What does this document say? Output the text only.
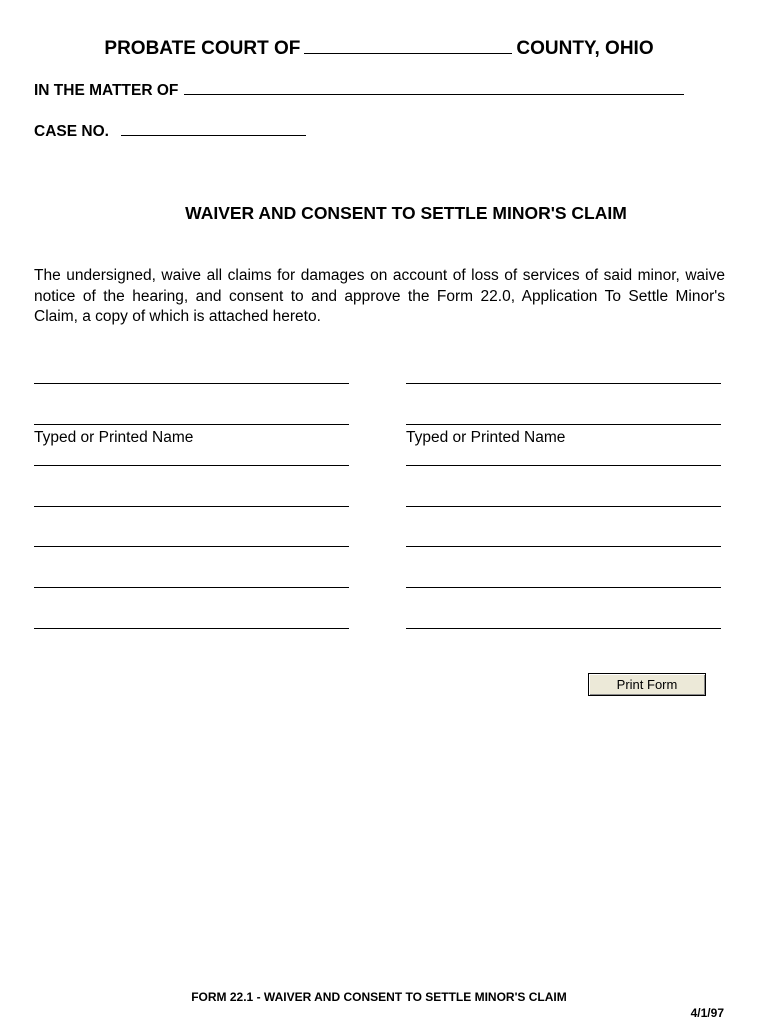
PROBATE COURT OF	COUNTY, OHIO
IN THE MATTER OF
CASE NO.
WAIVER AND CONSENT TO SETTLE MINOR'S CLAIM
The undersigned, waive all claims for damages on account of loss of services of said minor, waive notice of the hearing, and consent to and approve the Form 22.0, Application To Settle Minor's Claim, a copy of which is attached hereto.
Typed or Printed Name	Typed or Printed Name
Print Form
FORM 22.1 - WAIVER AND CONSENT TO SETTLE MINOR'S CLAIM
4/1/97
